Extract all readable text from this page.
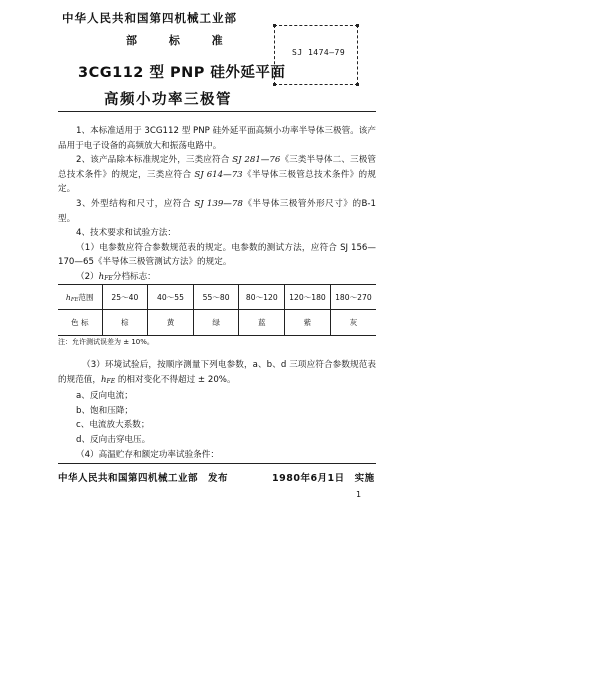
中华人民共和国第四机械工业部
部 标 准
3CG112 型 PNP 硅外延平面
高频小功率三极管
SJ 1474—79

1、本标准适用于 3CG112 型 PNP 硅外延平面高频小功率半导体三极管。该产品用于电子设备的高频放大和振荡电路中。

2、该产品除本标准规定外，三类应符合 SJ 281—76《三类半导体二、三极管总技术条件》的规定，三类应符合 SJ 614—73《半导体三极管总技术条件》的规定。

3、外型结构和尺寸，应符合 SJ 139—78《半导体三极管外形尺寸》的B-1型。

4、技术要求和试验方法：

（1）电参数应符合参数规范表的规定。电参数的测试方法，应符合 SJ 156—170—65《半导体三极管测试方法》的规定。

（2）hFE分档标志：

hFE范围	25～40	40～55	55～80	80～120	120～180	180～270
色 标	棕	黄	绿	蓝	紫	灰
注：允许测试误差为 ± 10%。

（3）环境试验后，按顺序测量下列电参数，a、b、d 三项应符合参数规范表的规范值，hFE 的相对变化不得超过 ± 20%。

a、反向电流；

b、饱和压降；

c、电流放大系数；

d、反向击穿电压。

（4）高温贮存和额定功率试验条件：

中华人民共和国第四机械工业部　发布	1980年6月1日　实施
1
